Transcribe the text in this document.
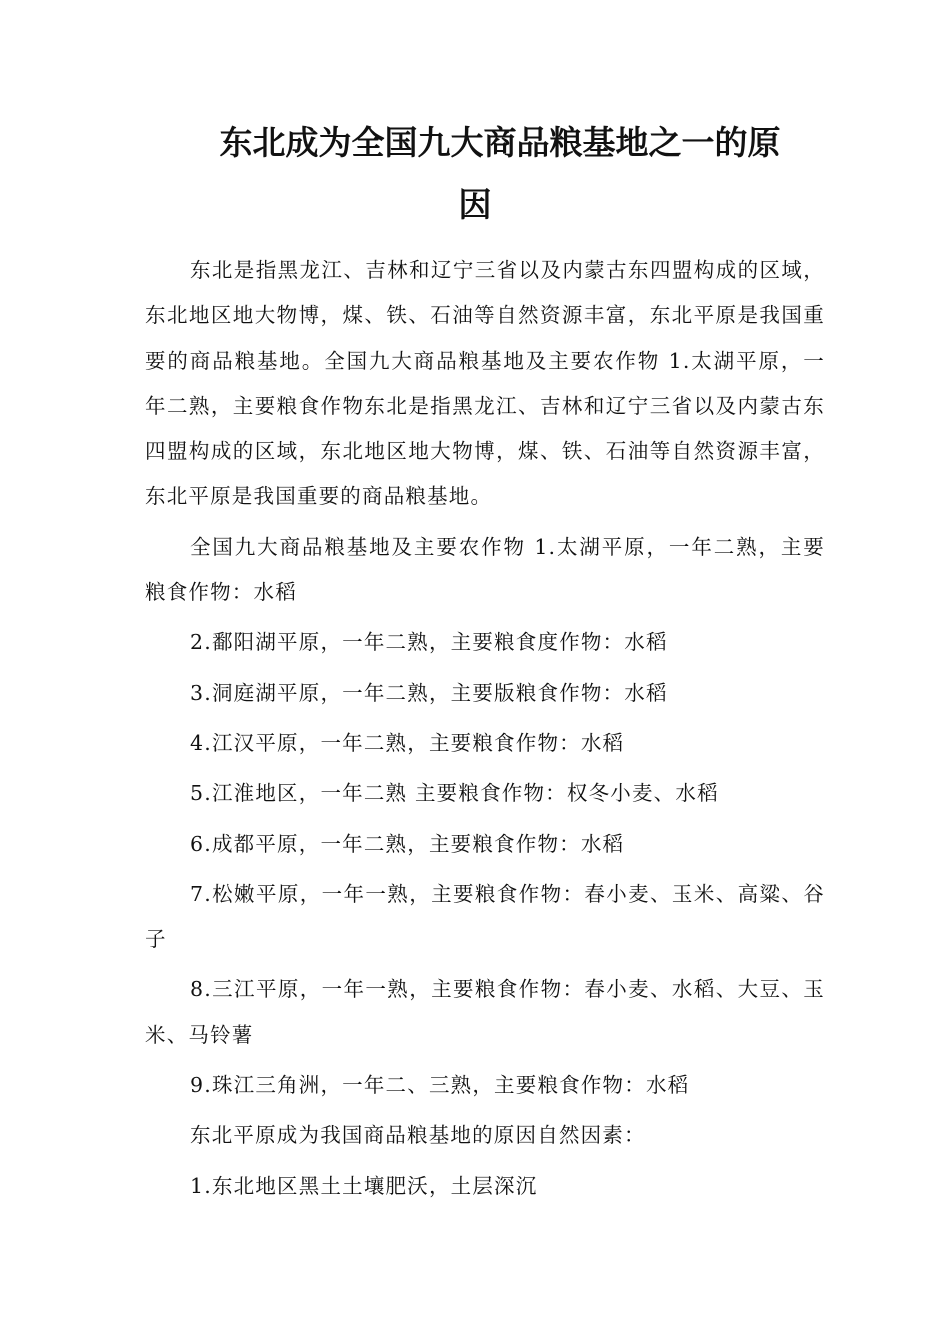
东北成为全国九大商品粮基地之一的原
因

东北是指黑龙江、吉林和辽宁三省以及内蒙古东四盟构成的区域，东北地区地大物博，煤、铁、石油等自然资源丰富，东北平原是我国重要的商品粮基地。全国九大商品粮基地及主要农作物 1.太湖平原，一年二熟，主要粮食作物东北是指黑龙江、吉林和辽宁三省以及内蒙古东四盟构成的区域，东北地区地大物博，煤、铁、石油等自然资源丰富，东北平原是我国重要的商品粮基地。

全国九大商品粮基地及主要农作物 1.太湖平原，一年二熟，主要粮食作物：水稻

2.鄱阳湖平原，一年二熟，主要粮食度作物：水稻

3.洞庭湖平原，一年二熟，主要版粮食作物：水稻

4.江汉平原，一年二熟，主要粮食作物：水稻

5.江淮地区，一年二熟 主要粮食作物：权冬小麦、水稻

6.成都平原，一年二熟，主要粮食作物：水稻

7.松嫩平原，一年一熟，主要粮食作物：春小麦、玉米、高粱、谷子

8.三江平原，一年一熟，主要粮食作物：春小麦、水稻、大豆、玉米、马铃薯

9.珠江三角洲，一年二、三熟，主要粮食作物：水稻

东北平原成为我国商品粮基地的原因自然因素：

1.东北地区黑土土壤肥沃，土层深沉
